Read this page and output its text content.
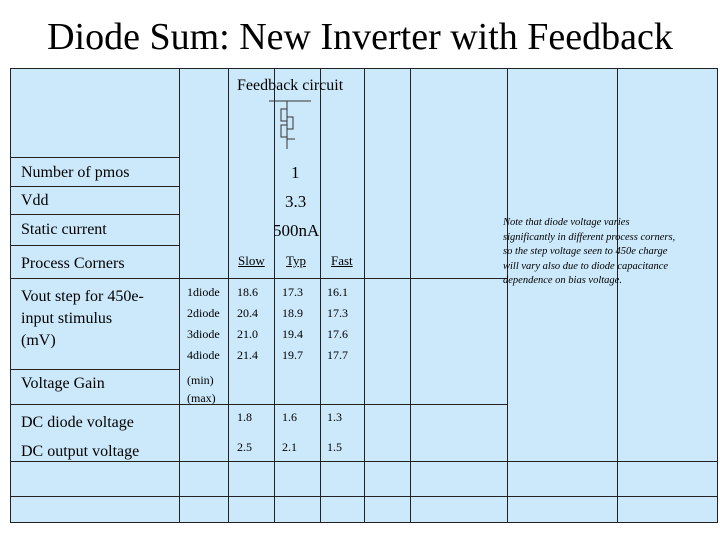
Diode Sum: New Inverter with Feedback
Feedback circuit
Number of pmos	1
Vdd	3.3
Static current	500nA
Process Corners	Slow Typ Fast
Vout step for 450e-
input stimulus
(mV)
1diode 18.6 17.3 16.1
2diode 20.4 18.9 17.3
3diode 21.0 19.4 17.6
4diode 21.4 19.7 17.7
Voltage Gain	(min)
(max)
DC diode voltage	1.8	1.6	1.3
DC output voltage	2.5	2.1	1.5
Note that diode voltage varies significantly in different process corners, so the step voltage seen to 450e charge will vary also due to diode capacitance dependence on bias voltage.
